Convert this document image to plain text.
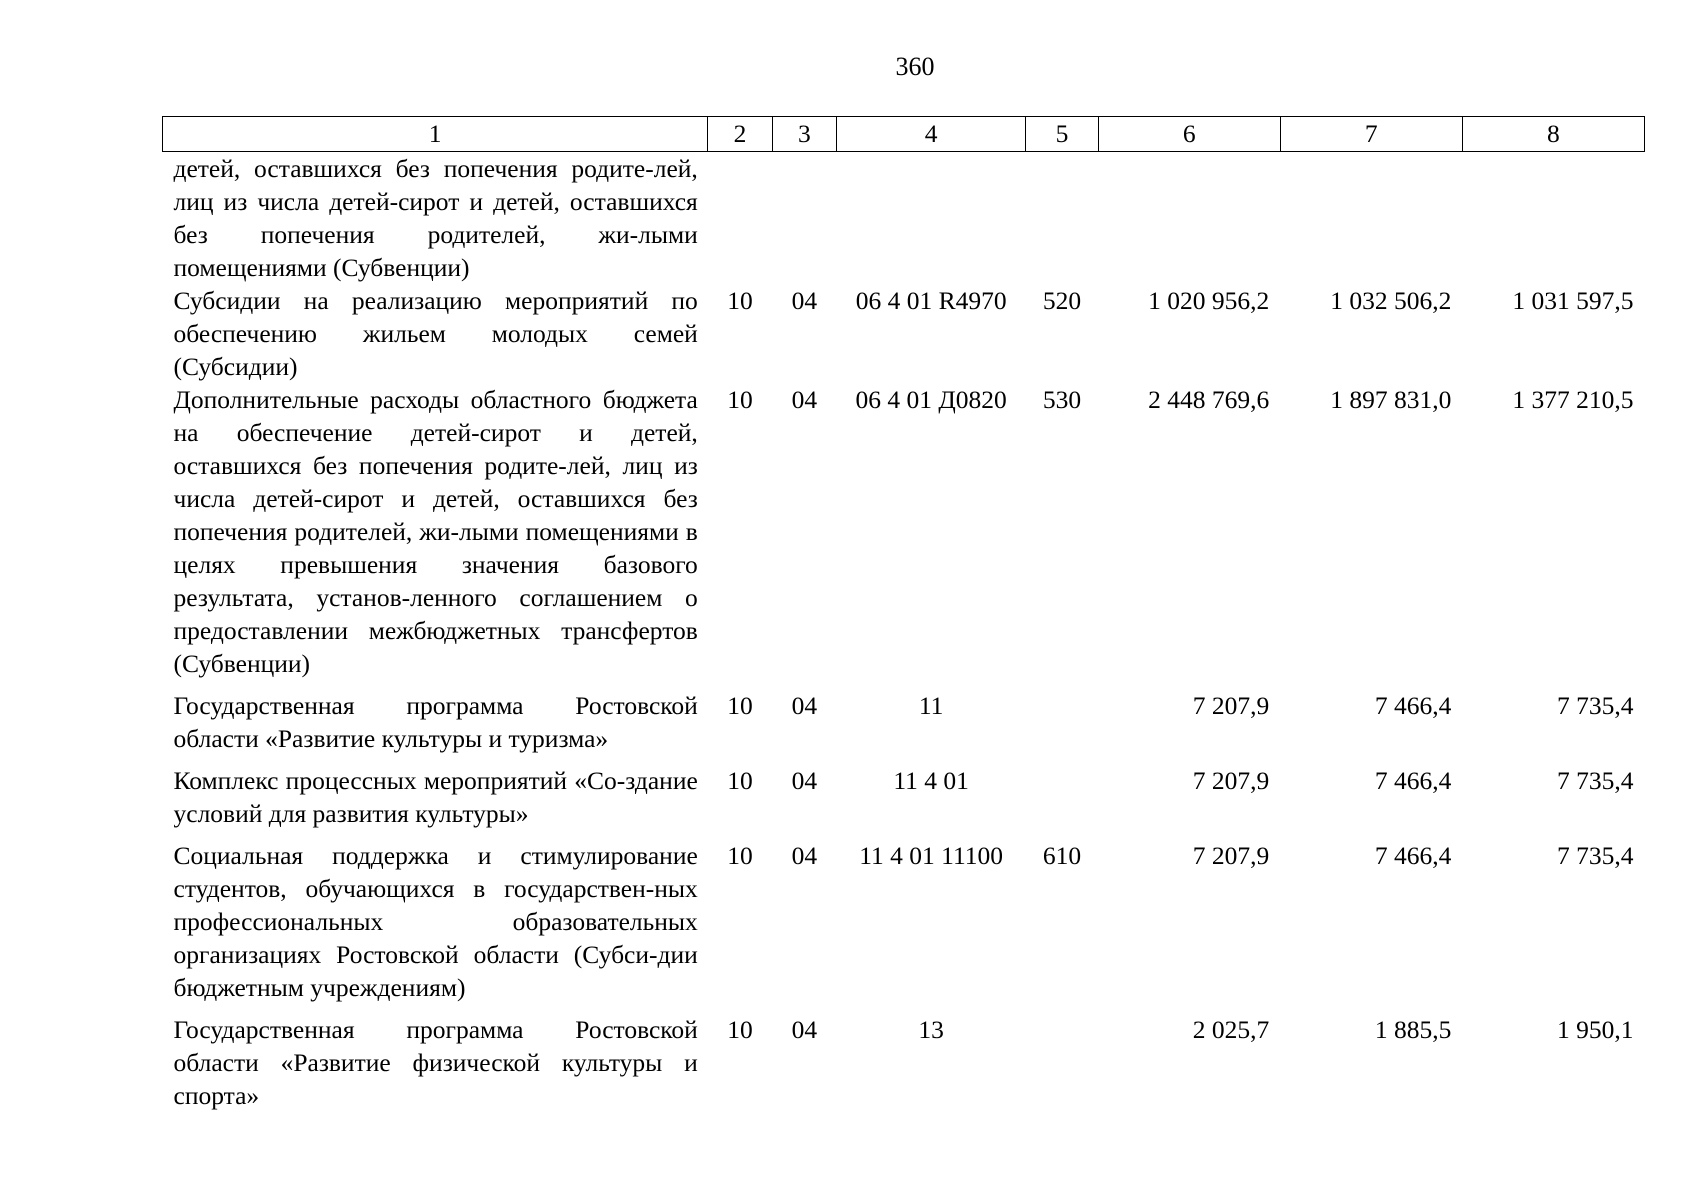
360
1	2	3	4	5	6	7	8
детей, оставшихся без попечения родите-лей, лиц из числа детей-сирот и детей, оставшихся без попечения родителей, жи-лыми помещениями (Субвенции)							
Субсидии на реализацию мероприятий по обеспечению жильем молодых семей (Субсидии)	10	04	06 4 01 R4970	520	1 020 956,2	1 032 506,2	1 031 597,5
Дополнительные расходы областного бюджета на обеспечение детей-сирот и детей, оставшихся без попечения родите-лей, лиц из числа детей-сирот и детей, оставшихся без попечения родителей, жи-лыми помещениями в целях превышения значения базового результата, установ-ленного соглашением о предоставлении межбюджетных трансфертов (Субвенции)	10	04	06 4 01 Д0820	530	2 448 769,6	1 897 831,0	1 377 210,5
Государственная программа Ростовской области «Развитие культуры и туризма»	10	04	11		7 207,9	7 466,4	7 735,4
Комплекс процессных мероприятий «Со-здание условий для развития культуры»	10	04	11 4 01		7 207,9	7 466,4	7 735,4
Социальная поддержка и стимулирование студентов, обучающихся в государствен-ных профессиональных образовательных организациях Ростовской области (Субси-дии бюджетным учреждениям)	10	04	11 4 01 11100	610	7 207,9	7 466,4	7 735,4
Государственная программа Ростовской области «Развитие физической культуры и спорта»	10	04	13		2 025,7	1 885,5	1 950,1
